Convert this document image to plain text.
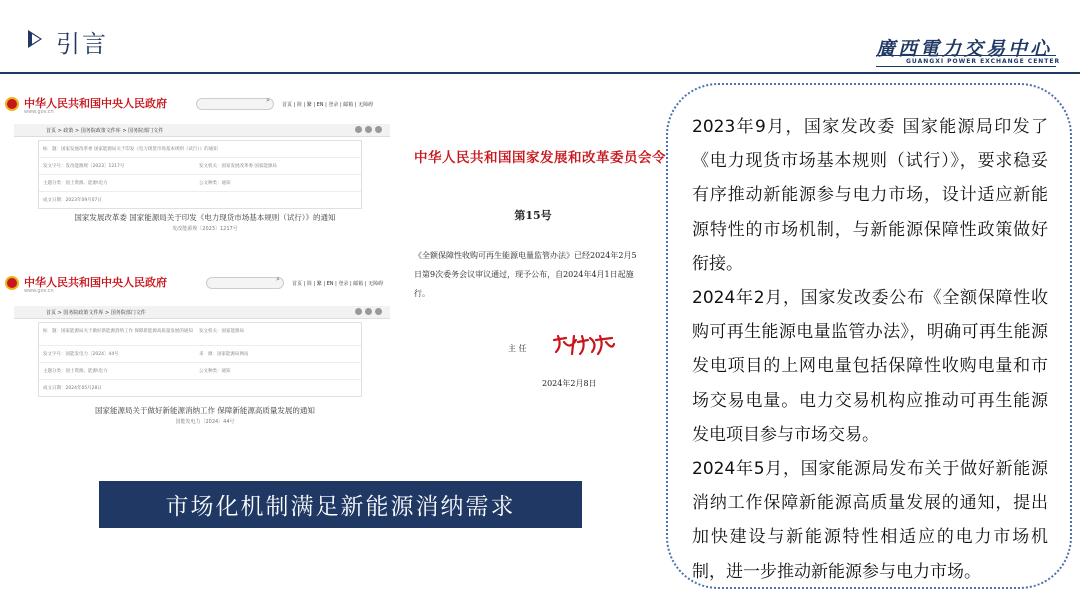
引言	廣西電力交易中心
GUANGXI POWER EXCHANGE CENTER
中华人民共和国中央人民政府
www.gov.cn
⌕
首页 | 简 | 繁 | EN | 登录 | 邮箱 | 无障碍
首页 > 政策 > 国务院政策文件库 > 国务院部门文件
标　题：国家发展改革委 国家能源局关于印发《电力现货市场基本规则（试行）》的通知
发文字号：发改能源规〔2023〕1217号	发文机关：国家发展改革委 国家能源局
主题分类：国土资源、能源\电力	公文种类：通知
成文日期：2023年09月07日
国家发展改革委 国家能源局关于印发《电力现货市场基本规则（试行）》的通知
发改能源规〔2023〕1217号
中华人民共和国中央人民政府
www.gov.cn
⌕
首页 | 简 | 繁 | EN | 登录 | 邮箱 | 无障碍
首页 > 国务院政策文件库 > 国务院部门文件
标　题：国家能源局关于做好新能源消纳工作 保障新能源高质量发展的通知 发文机关：国家能源局
发文字号：国能发电力〔2024〕44号	来　源：国家能源局网站
主题分类：国土资源、能源\电力	公文种类：通知
成文日期：2024年05月28日
国家能源局关于做好新能源消纳工作 保障新能源高质量发展的通知
国能发电力〔2024〕44号
中华人民共和国国家发展和改革委员会令
第15号
《全额保障性收购可再生能源电量监管办法》已经2024年2月5日第9次委务会议审议通过，现予公布，自2024年4月1日起施行。
主 任
2024年2月8日
市场化机制满足新能源消纳需求

2023年9月，国家发改委 国家能源局印发了《电力现货市场基本规则（试行）》，要求稳妥有序推动新能源参与电力市场，设计适应新能源特性的市场机制，与新能源保障性政策做好衔接。

2024年2月，国家发改委公布《全额保障性收购可再生能源电量监管办法》，明确可再生能源发电项目的上网电量包括保障性收购电量和市场交易电量。电力交易机构应推动可再生能源发电项目参与市场交易。

2024年5月，国家能源局发布关于做好新能源消纳工作保障新能源高质量发展的通知，提出加快建设与新能源特性相适应的电力市场机制，进一步推动新能源参与电力市场。
